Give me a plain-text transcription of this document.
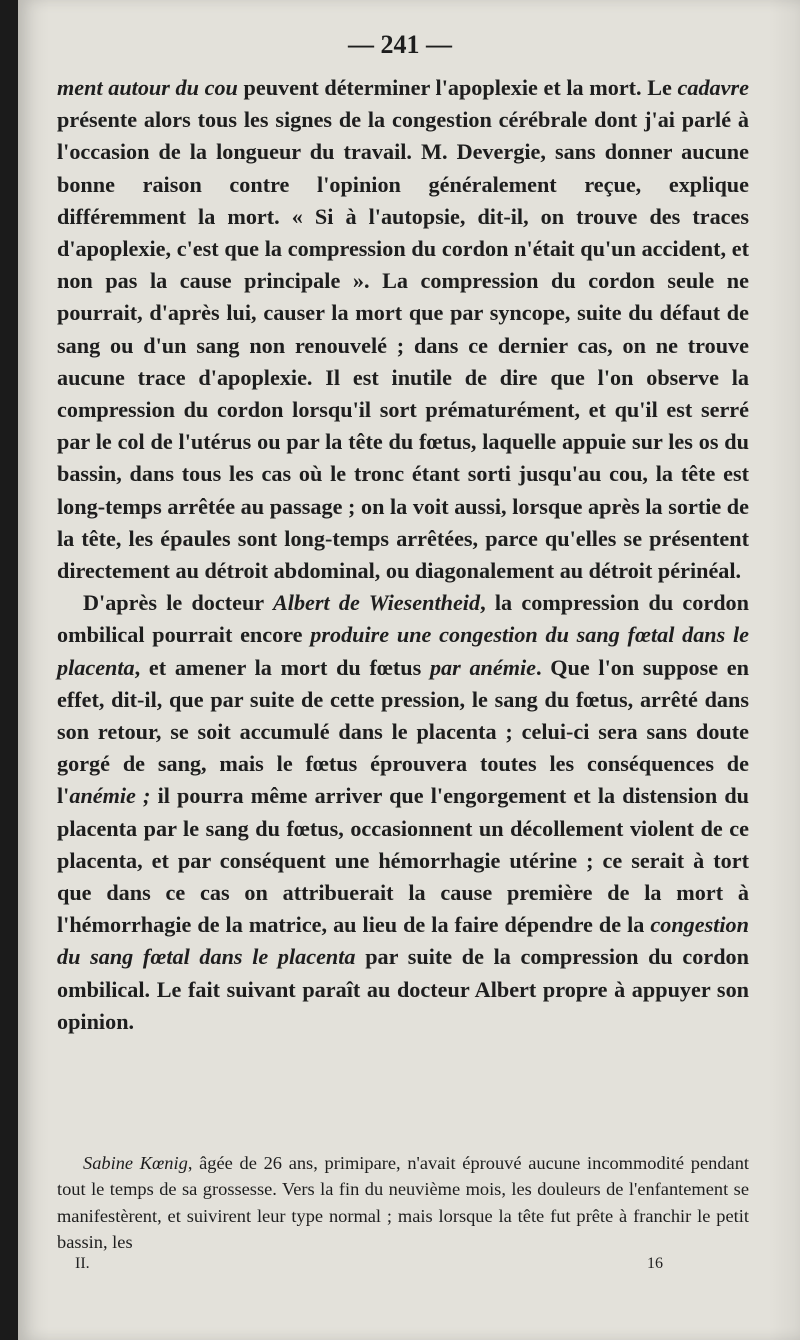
— 241 —

ment autour du cou peuvent déterminer l'apoplexie et la mort. Le cadavre présente alors tous les signes de la congestion cérébrale dont j'ai parlé à l'occasion de la longueur du travail. M. Devergie, sans donner aucune bonne raison contre l'opinion généralement reçue, explique différemment la mort. « Si à l'autopsie, dit-il, on trouve des traces d'apoplexie, c'est que la compression du cordon n'était qu'un accident, et non pas la cause principale ». La compression du cordon seule ne pourrait, d'après lui, causer la mort que par syncope, suite du défaut de sang ou d'un sang non renouvelé ; dans ce dernier cas, on ne trouve aucune trace d'apoplexie. Il est inutile de dire que l'on observe la compression du cordon lorsqu'il sort prématurément, et qu'il est serré par le col de l'utérus ou par la tête du fœtus, laquelle appuie sur les os du bassin, dans tous les cas où le tronc étant sorti jusqu'au cou, la tête est long-temps arrêtée au passage ; on la voit aussi, lorsque après la sortie de la tête, les épaules sont long-temps arrêtées, parce qu'elles se présentent directement au détroit abdominal, ou diagonalement au détroit périnéal.

D'après le docteur Albert de Wiesentheid, la compression du cordon ombilical pourrait encore produire une congestion du sang fœtal dans le placenta, et amener la mort du fœtus par anémie. Que l'on suppose en effet, dit-il, que par suite de cette pression, le sang du fœtus, arrêté dans son retour, se soit accumulé dans le placenta ; celui-ci sera sans doute gorgé de sang, mais le fœtus éprouvera toutes les conséquences de l'anémie ; il pourra même arriver que l'engorgement et la distension du placenta par le sang du fœtus, occasionnent un décollement violent de ce placenta, et par conséquent une hémorrhagie utérine ; ce serait à tort que dans ce cas on attribuerait la cause première de la mort à l'hémorrhagie de la matrice, au lieu de la faire dépendre de la congestion du sang fœtal dans le placenta par suite de la compression du cordon ombilical. Le fait suivant paraît au docteur Albert propre à appuyer son opinion.

Sabine Kœnig, âgée de 26 ans, primipare, n'avait éprouvé aucune incommodité pendant tout le temps de sa grossesse. Vers la fin du neuvième mois, les douleurs de l'enfantement se manifestèrent, et suivirent leur type normal ; mais lorsque la tête fut prête à franchir le petit bassin, les

II.	16
